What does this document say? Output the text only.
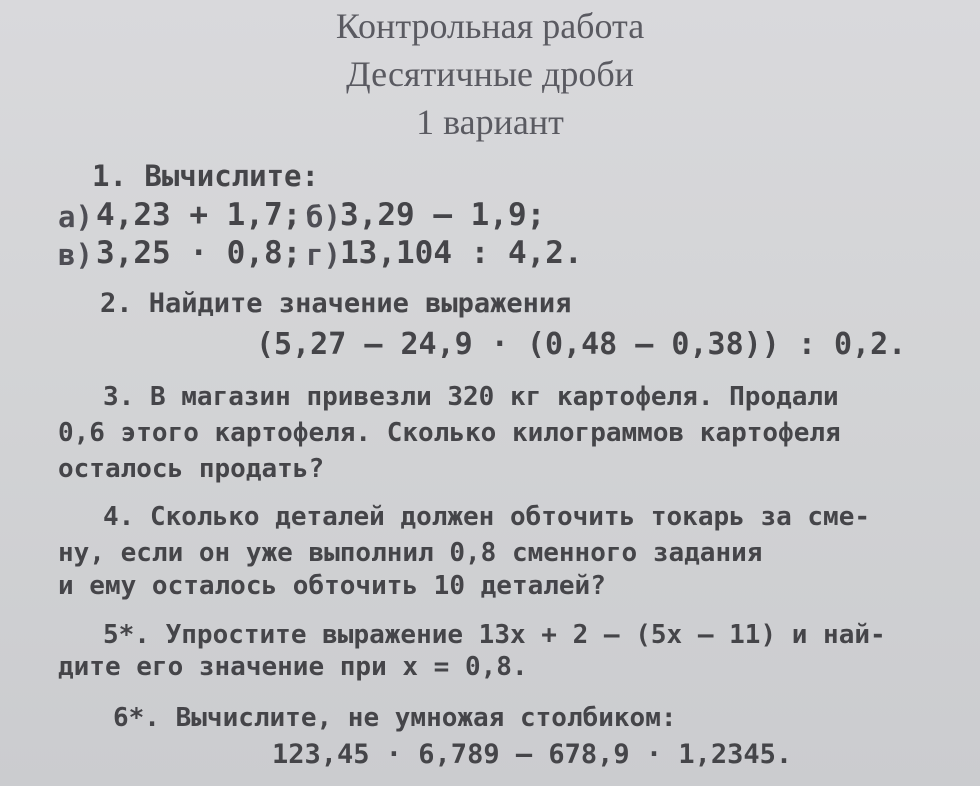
Контрольная работа
Десятичные дроби
1 вариант
1. Вычислите:
а) 4,23 + 1,7; б) 3,29 – 1,9;
в) 3,25 · 0,8; г) 13,104 : 4,2.
2. Найдите значение выражения
(5,27 – 24,9 · (0,48 – 0,38)) : 0,2.
3. В магазин привезли 320 кг картофеля. Продали
0,6 этого картофеля. Сколько килограммов картофеля
осталось продать?
4. Сколько деталей должен обточить токарь за сме-
ну, если он уже выполнил 0,8 сменного задания
и ему осталось обточить 10 деталей?
5*. Упростите выражение 13x + 2 – (5x – 11) и най-
дите его значение при x = 0,8.
6*. Вычислите, не умножая столбиком:
123,45 · 6,789 – 678,9 · 1,2345.
